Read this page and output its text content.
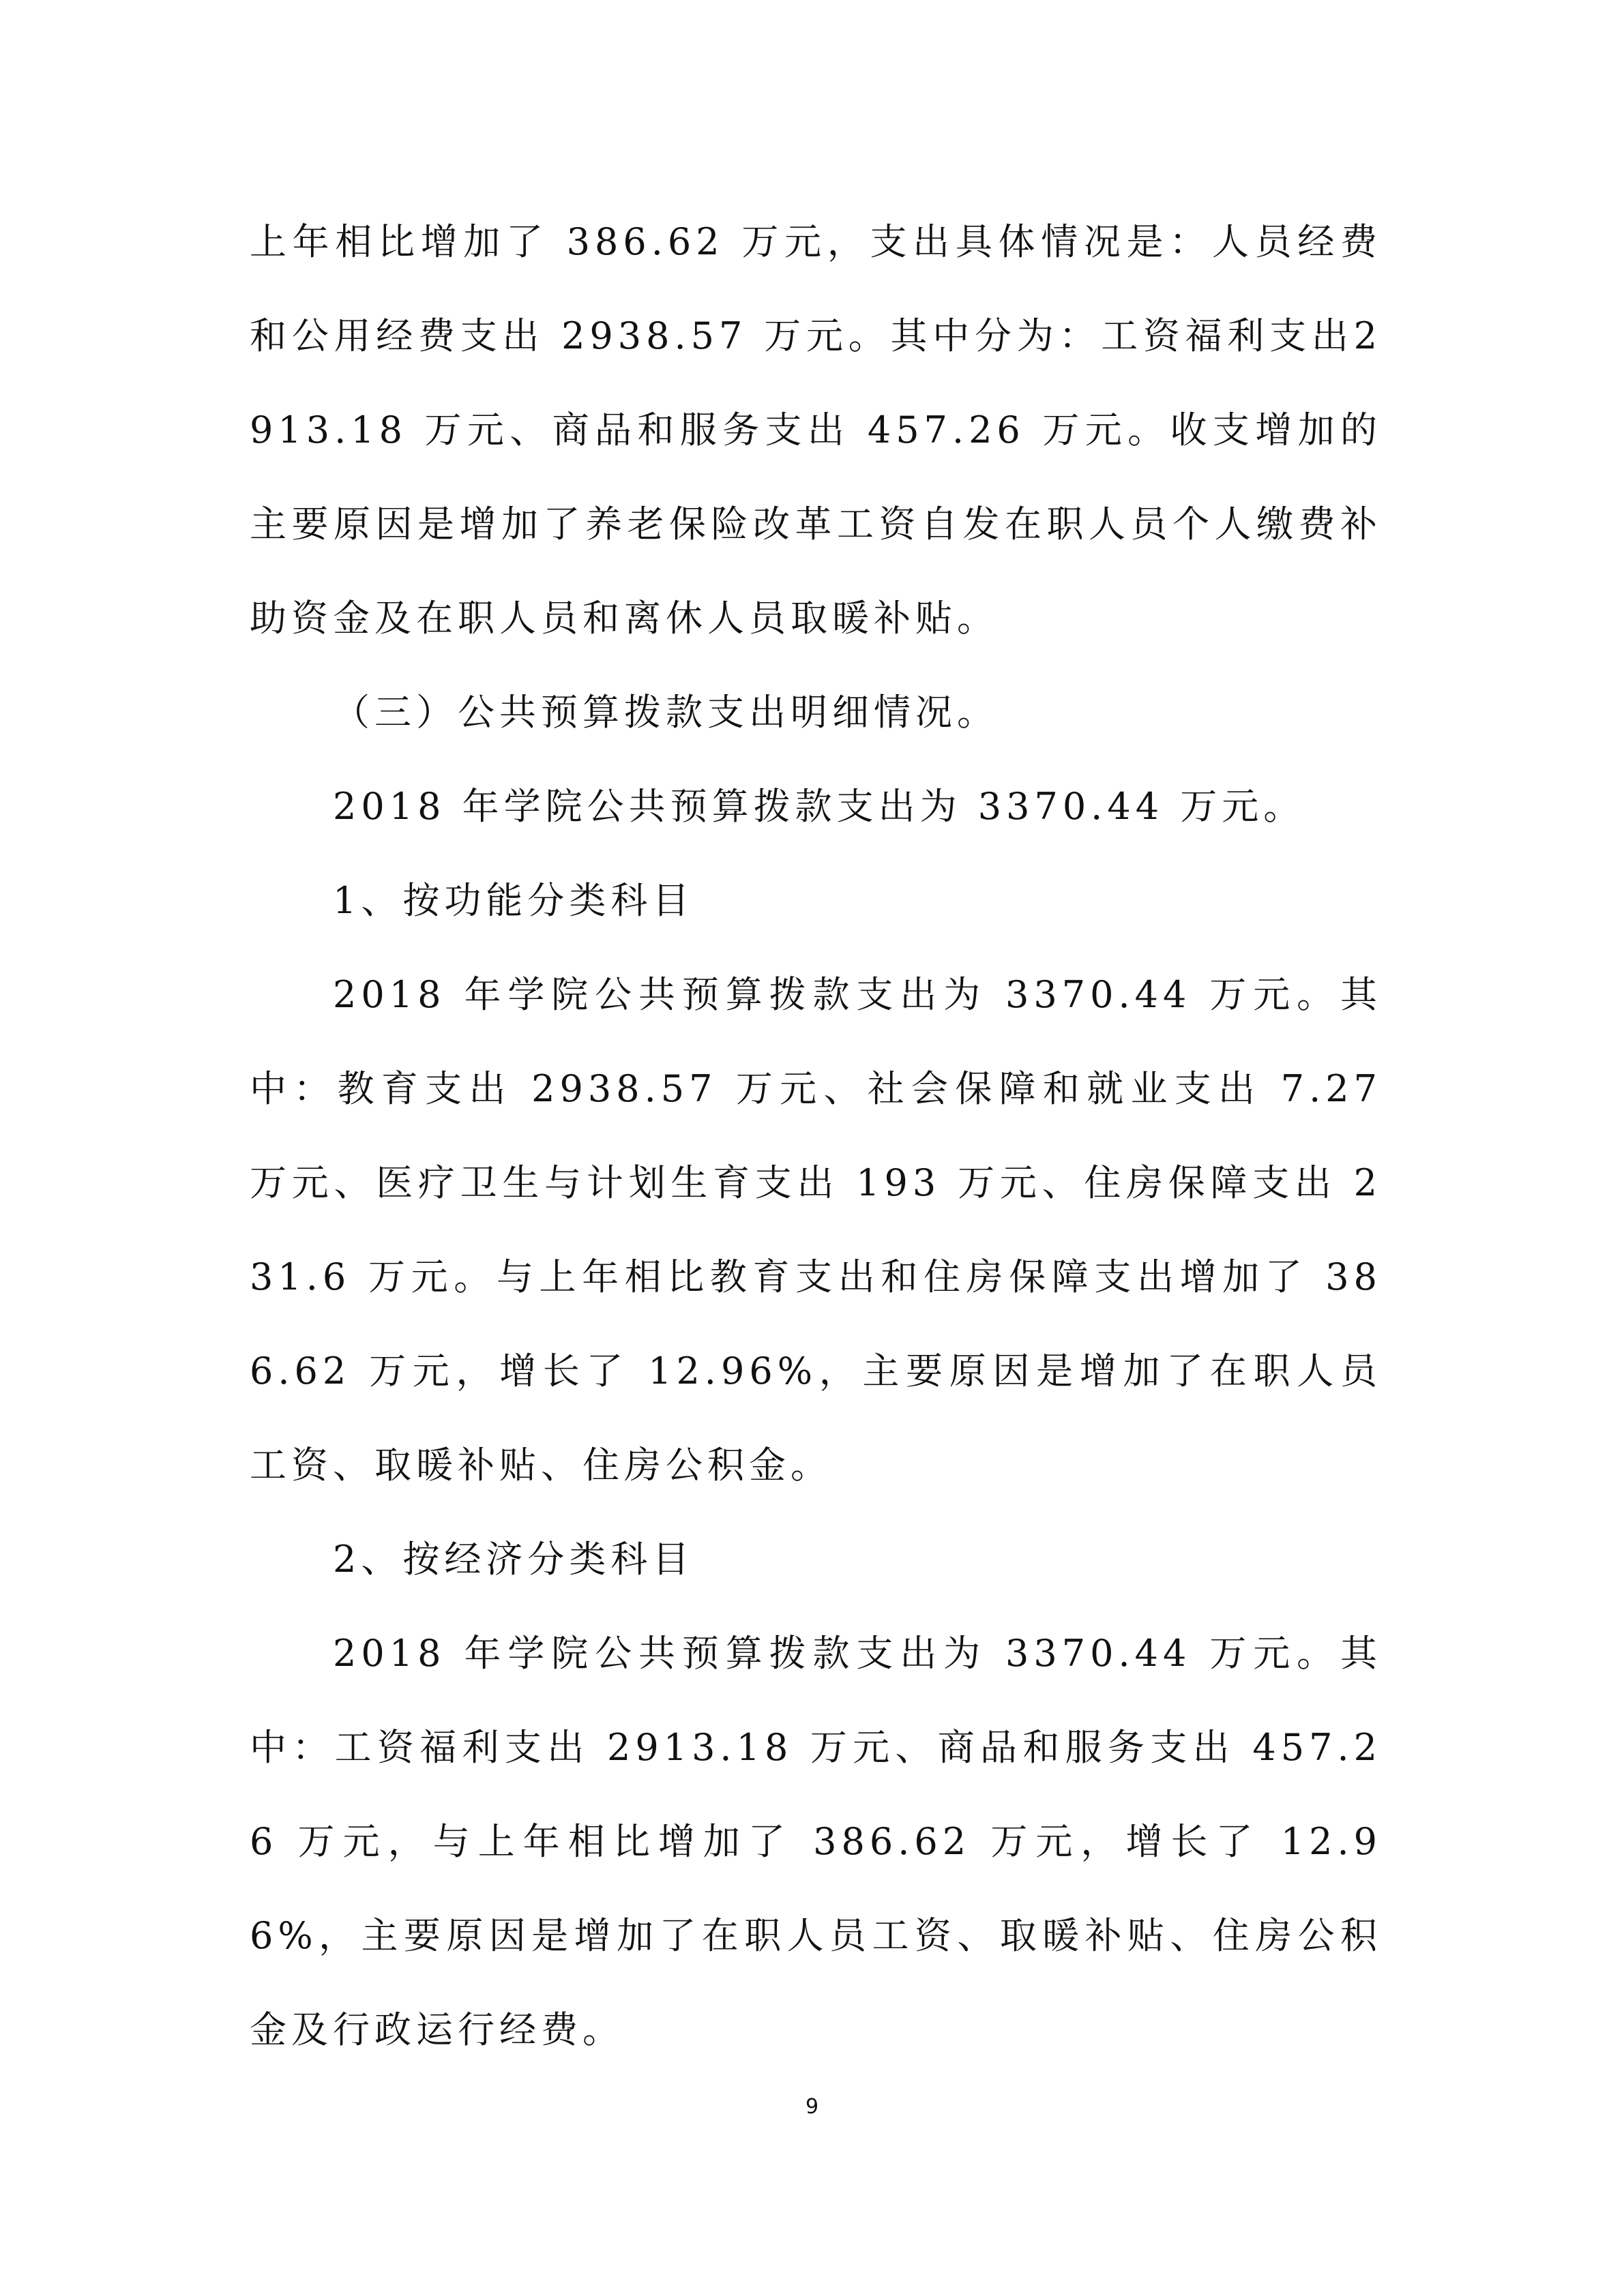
上年相比增加了 386.62 万元，支出具体情况是：人员经费和公用经费支出 2938.57 万元。其中分为：工资福利支出2913.18 万元、商品和服务支出 457.26 万元。收支增加的主要原因是增加了养老保险改革工资自发在职人员个人缴费补助资金及在职人员和离休人员取暖补贴。

（三）公共预算拨款支出明细情况。

2018 年学院公共预算拨款支出为 3370.44 万元。

1、按功能分类科目

2018 年学院公共预算拨款支出为 3370.44 万元。其中：教育支出 2938.57 万元、社会保障和就业支出 7.27 万元、医疗卫生与计划生育支出 193 万元、住房保障支出 231.6 万元。与上年相比教育支出和住房保障支出增加了 386.62 万元，增长了 12.96%，主要原因是增加了在职人员工资、取暖补贴、住房公积金。

2、按经济分类科目

2018 年学院公共预算拨款支出为 3370.44 万元。其中：工资福利支出 2913.18 万元、商品和服务支出 457.26 万元，与上年相比增加了 386.62 万元，增长了 12.96%，主要原因是增加了在职人员工资、取暖补贴、住房公积金及行政运行经费。

9
